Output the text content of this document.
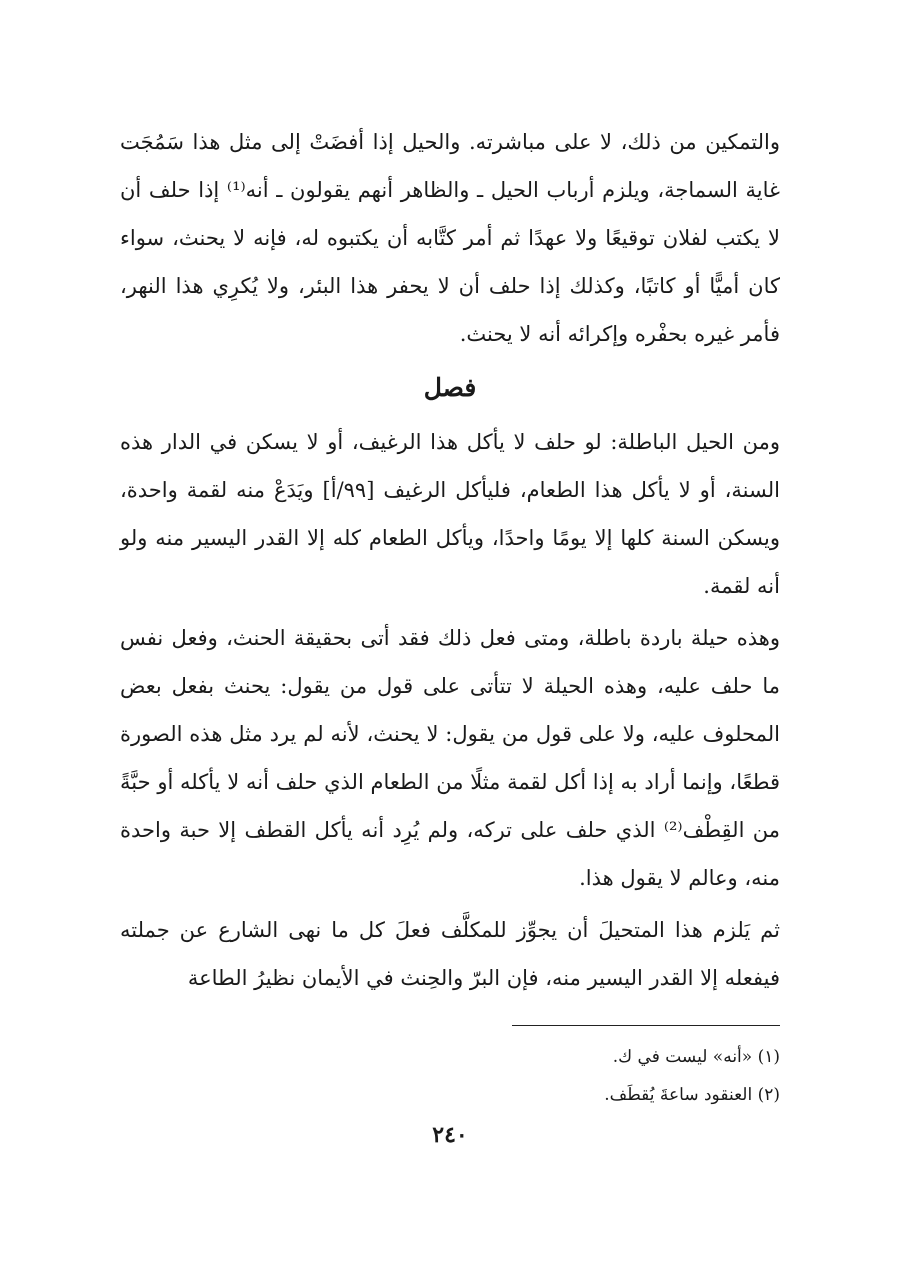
والتمكين من ذلك، لا على مباشرته. والحيل إذا أفضَتْ إلى مثل هذا سَمُجَت غاية السماجة، ويلزم أرباب الحيل ـ والظاهر أنهم يقولون ـ أنه⁽¹⁾ إذا حلف أن لا يكتب لفلان توقيعًا ولا عهدًا ثم أمر كتَّابه أن يكتبوه له، فإنه لا يحنث، سواء كان أميًّا أو كاتبًا، وكذلك إذا حلف أن لا يحفر هذا البئر، ولا يُكرِي هذا النهر، فأمر غيره بحفْره وإكرائه أنه لا يحنث.

فصل

ومن الحيل الباطلة: لو حلف لا يأكل هذا الرغيف، أو لا يسكن في الدار هذه السنة، أو لا يأكل هذا الطعام، فليأكل الرغيف [٩٩/أ] ويَدَعْ منه لقمة واحدة، ويسكن السنة كلها إلا يومًا واحدًا، ويأكل الطعام كله إلا القدر اليسير منه ولو أنه لقمة.

وهذه حيلة باردة باطلة، ومتى فعل ذلك فقد أتى بحقيقة الحنث، وفعل نفس ما حلف عليه، وهذه الحيلة لا تتأتى على قول من يقول: يحنث بفعل بعض المحلوف عليه، ولا على قول من يقول: لا يحنث، لأنه لم يرد مثل هذه الصورة قطعًا، وإنما أراد به إذا أكل لقمة مثلًا من الطعام الذي حلف أنه لا يأكله أو حبَّةً من القِطْف⁽²⁾ الذي حلف على تركه، ولم يُرِد أنه يأكل القطف إلا حبة واحدة منه، وعالم لا يقول هذا.

ثم يَلزم هذا المتحيلَ أن يجوِّز للمكلَّف فعلَ كل ما نهى الشارع عن جملته فيفعله إلا القدر اليسير منه، فإن البرّ والحِنث في الأيمان نظيرُ الطاعة

(١) «أنه» ليست في ك.
(٢) العنقود ساعةَ يُقطَف.
٢٤٠
